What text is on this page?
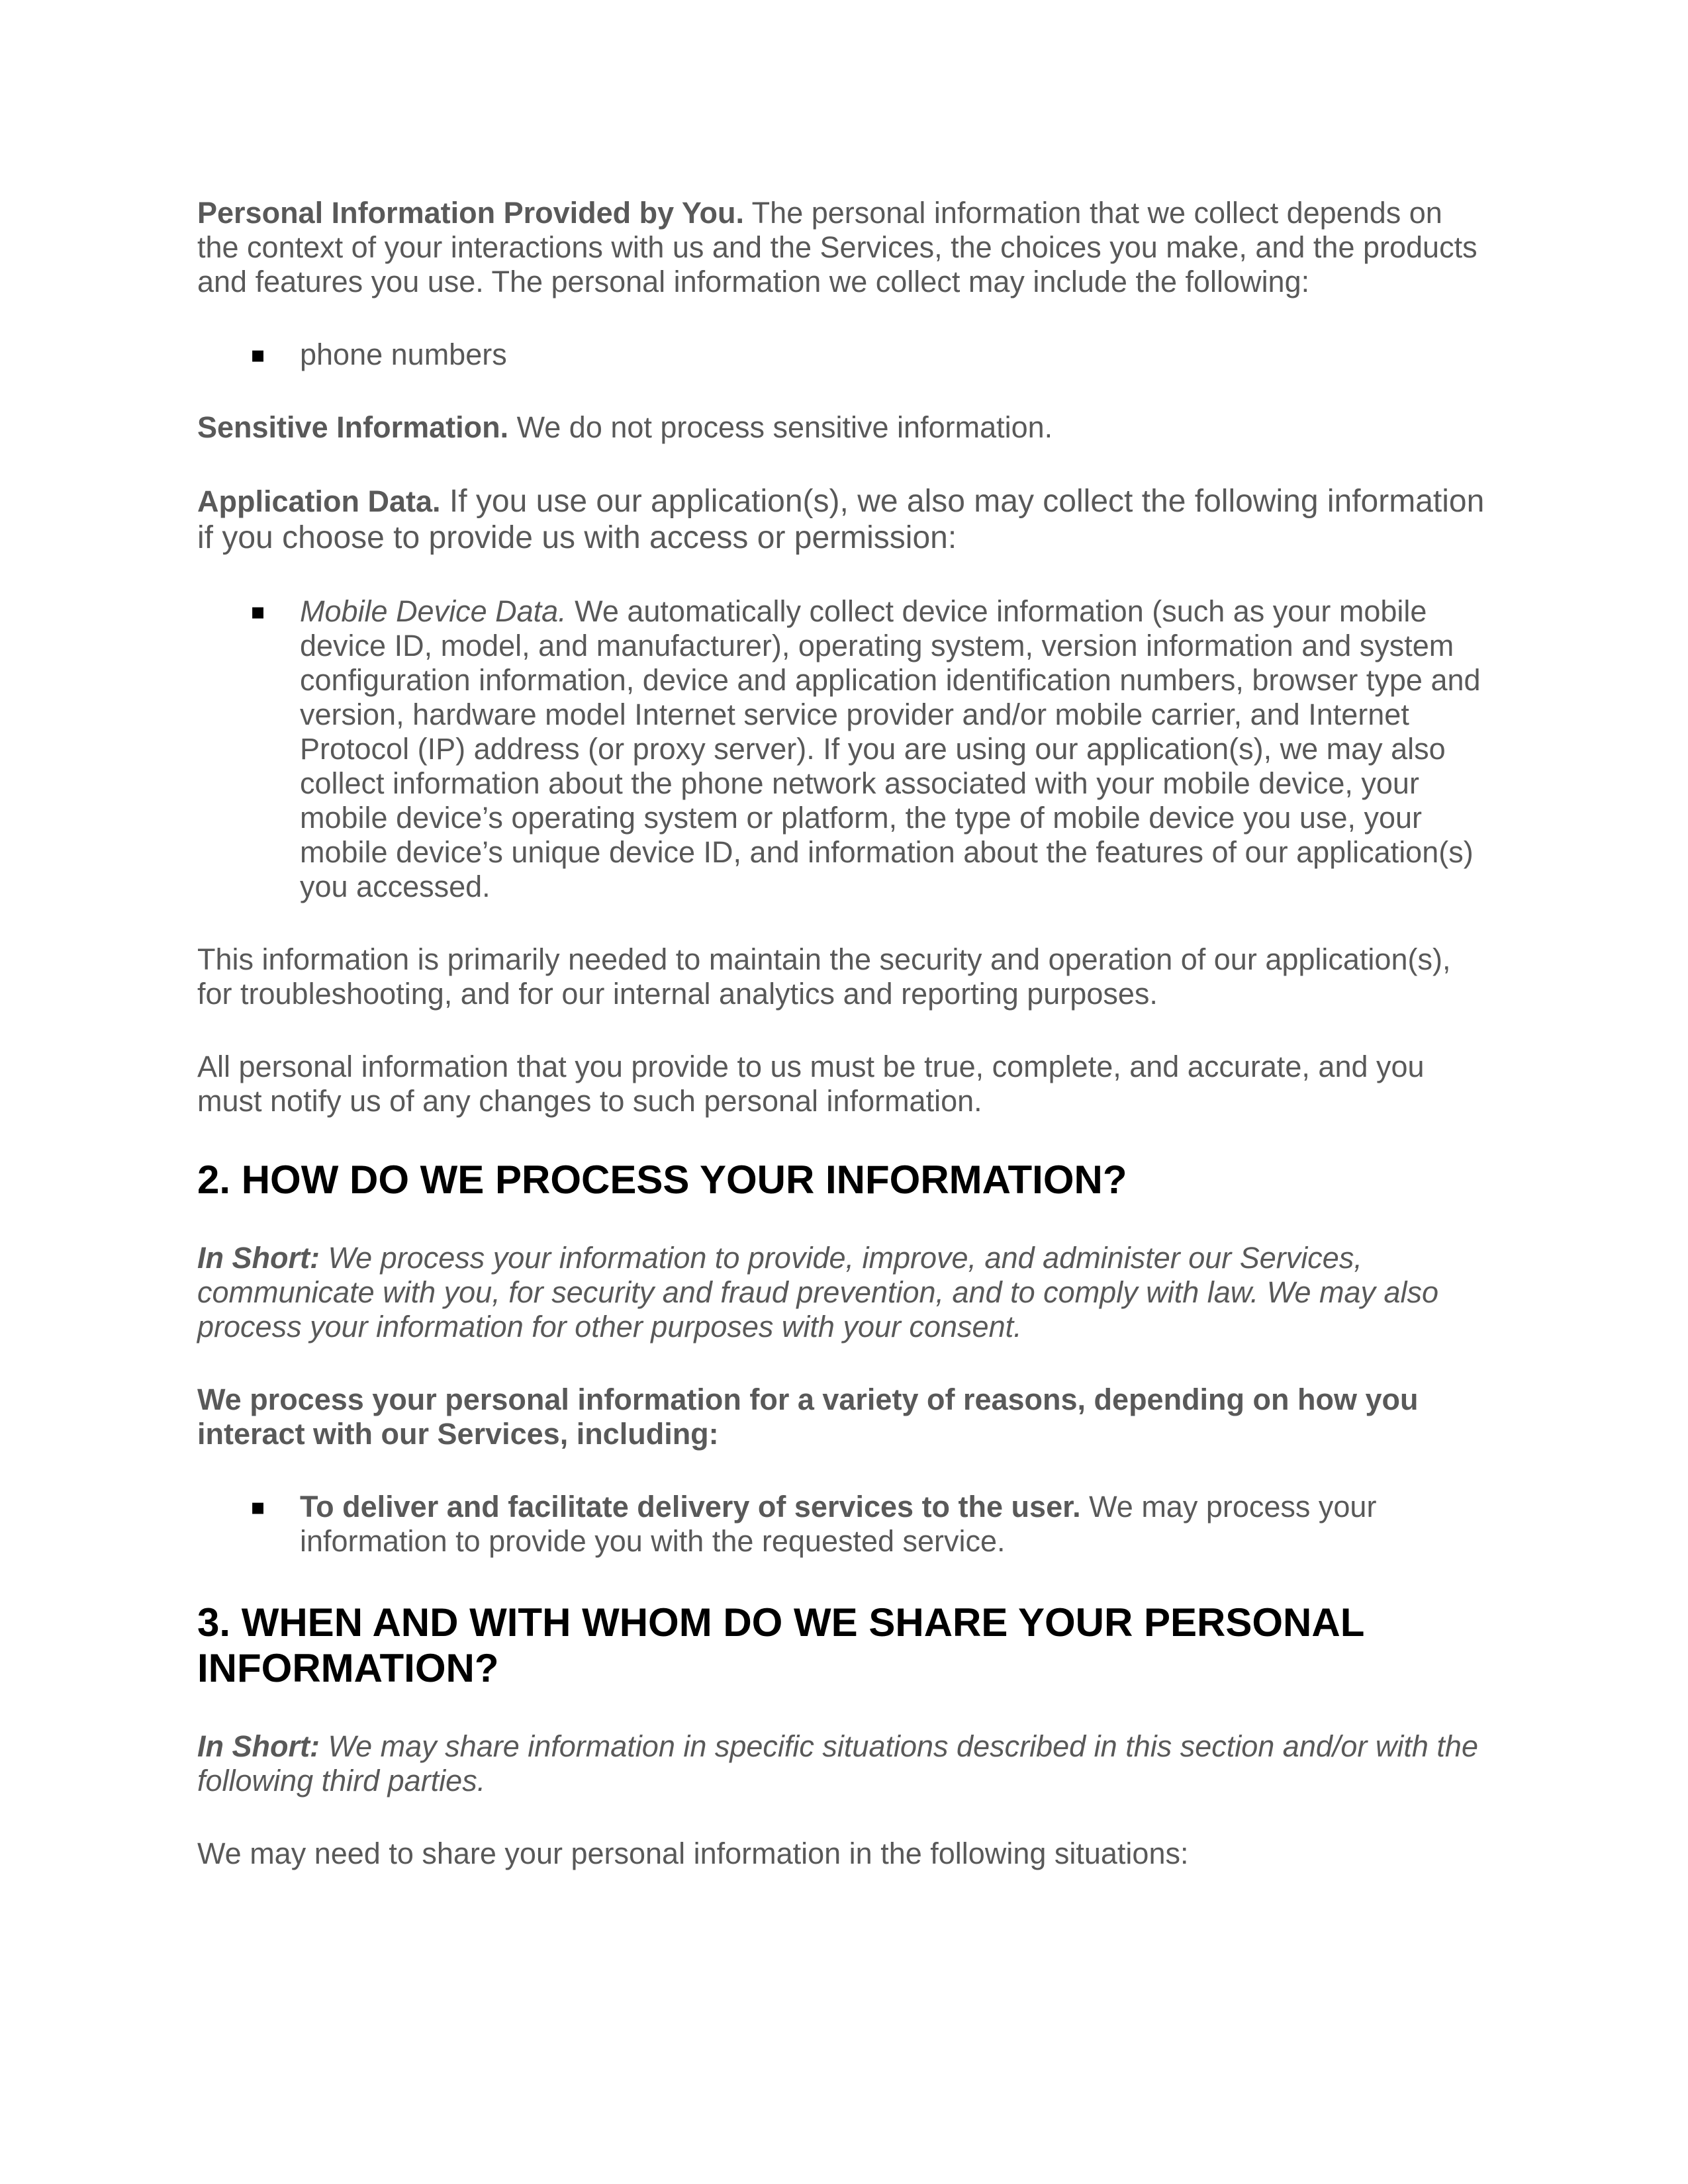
Personal Information Provided by You. The personal information that we collect depends on the context of your interactions with us and the Services, the choices you make, and the products and features you use. The personal information we collect may include the following:

▪ phone numbers

Sensitive Information. We do not process sensitive information.

Application Data. If you use our application(s), we also may collect the following information if you choose to provide us with access or permission:

▪ Mobile Device Data. We automatically collect device information (such as your mobile device ID, model, and manufacturer), operating system, version information and system configuration information, device and application identification numbers, browser type and version, hardware model Internet service provider and/or mobile carrier, and Internet Protocol (IP) address (or proxy server). If you are using our application(s), we may also collect information about the phone network associated with your mobile device, your mobile device’s operating system or platform, the type of mobile device you use, your mobile device’s unique device ID, and information about the features of our application(s) you accessed.

This information is primarily needed to maintain the security and operation of our application(s), for troubleshooting, and for our internal analytics and reporting purposes.

All personal information that you provide to us must be true, complete, and accurate, and you must notify us of any changes to such personal information.

2. HOW DO WE PROCESS YOUR INFORMATION?

In Short: We process your information to provide, improve, and administer our Services, communicate with you, for security and fraud prevention, and to comply with law. We may also process your information for other purposes with your consent.

We process your personal information for a variety of reasons, depending on how you interact with our Services, including:

▪ To deliver and facilitate delivery of services to the user. We may process your information to provide you with the requested service.
3. WHEN AND WITH WHOM DO WE SHARE YOUR PERSONAL INFORMATION?

In Short: We may share information in specific situations described in this section and/or with the following third parties.

We may need to share your personal information in the following situations:
